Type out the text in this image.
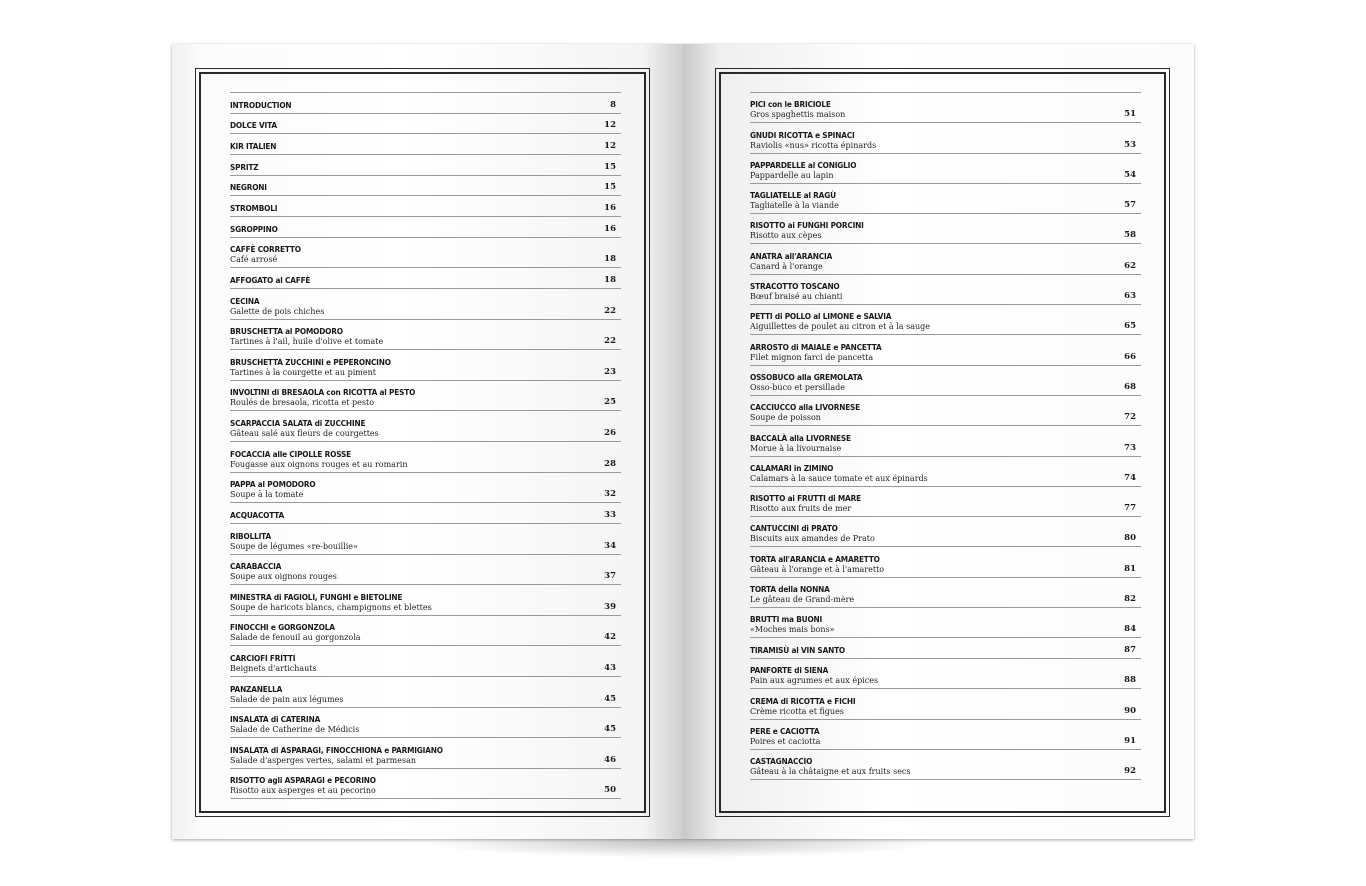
INTRODUCTION	8
DOLCE VITA	12
KIR ITALIEN	12
SPRITZ	15
NEGRONI	15
STROMBOLI	16
SGROPPINO	16
CAFFÈ CORRETTO
Café arrosé	18
AFFOGATO al CAFFÈ	18
CECINA
Galette de pois chiches	22
BRUSCHETTA al POMODORO
Tartines à l'ail, huile d'olive et tomate	22
BRUSCHETTA ZUCCHINI e PEPERONCINO
Tartines à la courgette et au piment	23
INVOLTINI di BRESAOLA con RICOTTA al PESTO
Roulés de bresaola, ricotta et pesto	25
SCARPACCIA SALATA di ZUCCHINE
Gâteau salé aux fleurs de courgettes	26
FOCACCIA alle CIPOLLE ROSSE
Fougasse aux oignons rouges et au romarin	28
PAPPA al POMODORO
Soupe à la tomate	32
ACQUACOTTA	33
RIBOLLITA
Soupe de légumes «re-bouillie»	34
CARABACCIA
Soupe aux oignons rouges	37
MINESTRA di FAGIOLI, FUNGHI e BIETOLINE
Soupe de haricots blancs, champignons et blettes	39
FINOCCHI e GORGONZOLA
Salade de fenouil au gorgonzola	42
CARCIOFI FRITTI
Beignets d'artichauts	43
PANZANELLA
Salade de pain aux légumes	45
INSALATA di CATERINA
Salade de Catherine de Médicis	45
INSALATA di ASPARAGI, FINOCCHIONA e PARMIGIANO
Salade d'asperges vertes, salami et parmesan	46
RISOTTO agli ASPARAGI e PECORINO
Risotto aux asperges et au pecorino	50
PICI con le BRICIOLE
Gros spaghettis maison	51
GNUDI RICOTTA e SPINACI
Raviolis «nus» ricotta épinards	53
PAPPARDELLE al CONIGLIO
Pappardelle au lapin	54
TAGLIATELLE al RAGÙ
Tagliatelle à la viande	57
RISOTTO ai FUNGHI PORCINI
Risotto aux cèpes	58
ANATRA all'ARANCIA
Canard à l'orange	62
STRACOTTO TOSCANO
Bœuf braisé au chianti	63
PETTI di POLLO al LIMONE e SALVIA
Aiguillettes de poulet au citron et à la sauge	65
ARROSTO di MAIALE e PANCETTA
Filet mignon farci de pancetta	66
OSSOBUCO alla GREMOLATA
Osso-buco et persillade	68
CACCIUCCO alla LIVORNESE
Soupe de poisson	72
BACCALÀ alla LIVORNESE
Morue à la livournaise	73
CALAMARI in ZIMINO
Calamars à la sauce tomate et aux épinards	74
RISOTTO ai FRUTTI di MARE
Risotto aux fruits de mer	77
CANTUCCINI di PRATO
Biscuits aux amandes de Prato	80
TORTA all'ARANCIA e AMARETTO
Gâteau à l'orange et à l'amaretto	81
TORTA della NONNA
Le gâteau de Grand-mère	82
BRUTTI ma BUONI
«Moches mais bons»	84
TIRAMISÙ al VIN SANTO	87
PANFORTE di SIENA
Pain aux agrumes et aux épices	88
CREMA di RICOTTA e FICHI
Crème ricotta et figues	90
PERE e CACIOTTA
Poires et caciotta	91
CASTAGNACCIO
Gâteau à la châtaigne et aux fruits secs	92
